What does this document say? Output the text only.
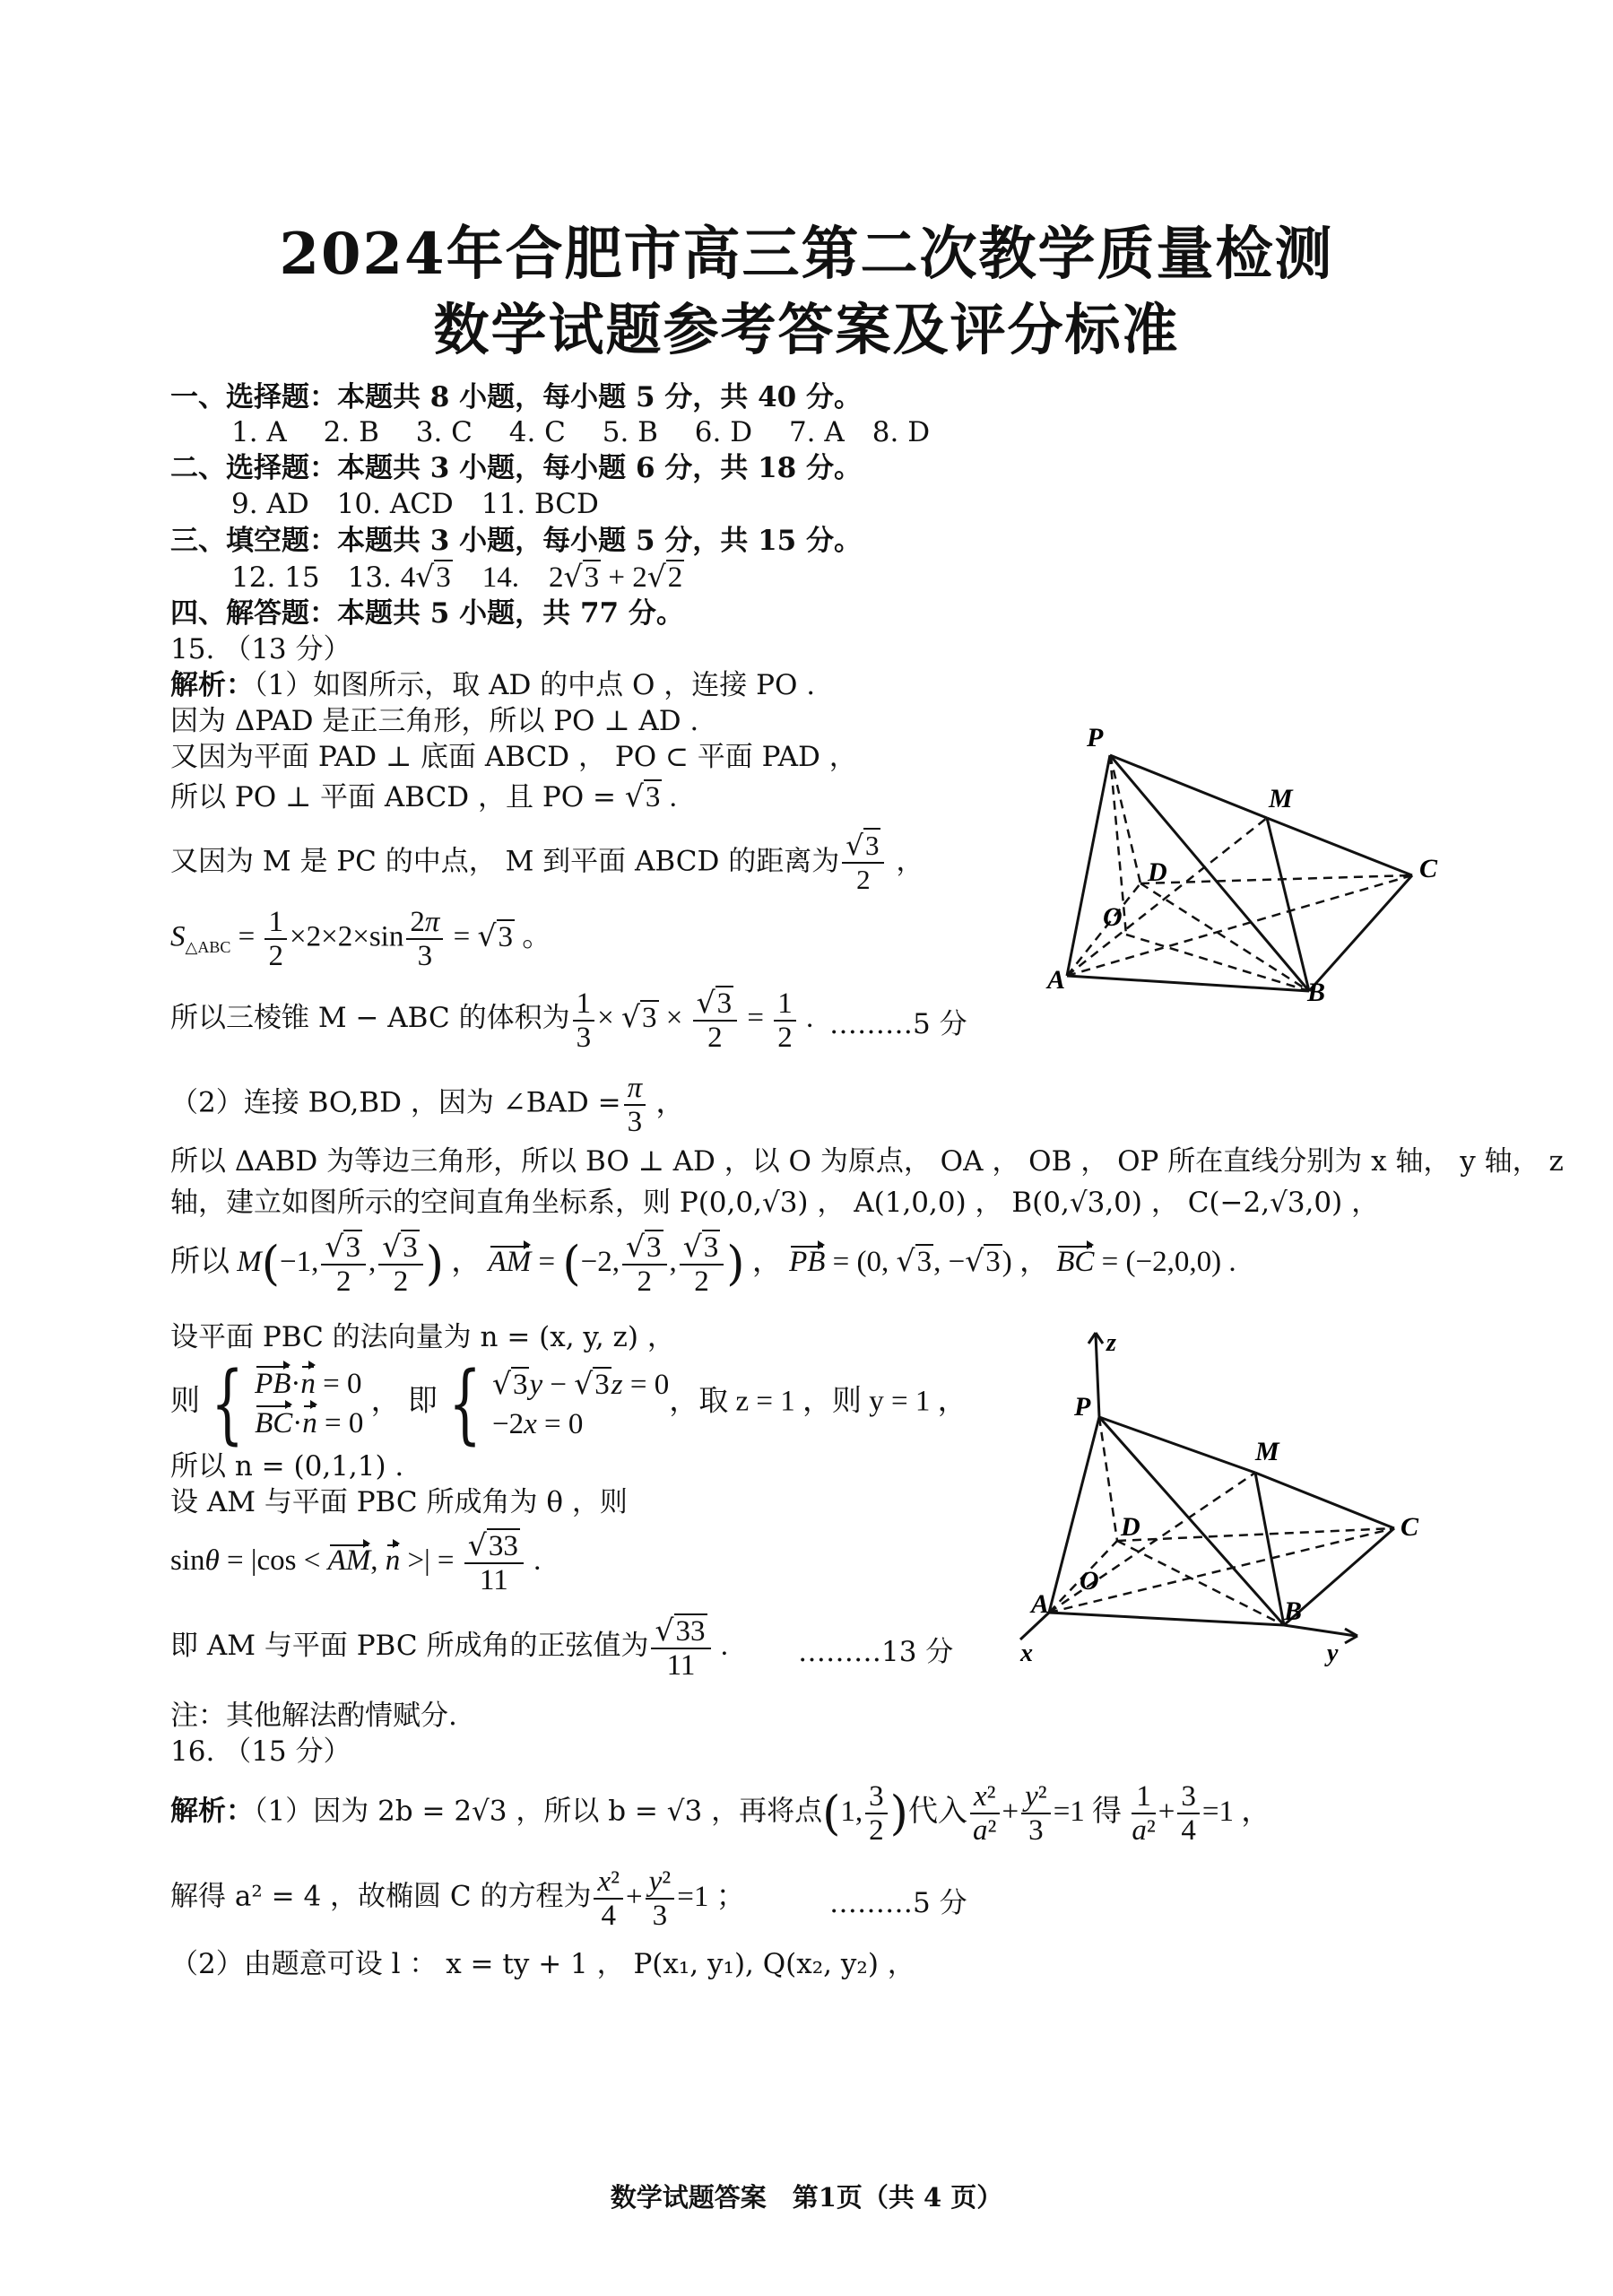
2024年合肥市高三第二次教学质量检测
数学试题参考答案及评分标准
一、选择题：本题共 8 小题，每小题 5 分，共 40 分。
1. A　 2. B　 3. C　 4. C　 5. B　 6. D　 7. A　8. D
二、选择题：本题共 3 小题，每小题 6 分，共 18 分。
9. AD　10. ACD　11. BCD
三、填空题：本题共 3 小题，每小题 5 分，共 15 分。
12. 15　13. 4√3　14.　2√3 + 2√2
四、解答题：本题共 5 小题，共 77 分。
15. （13 分）
解析：（1）如图所示，取 AD 的中点 O ，连接 PO .
因为 ΔPAD 是正三角形，所以 PO ⊥ AD .
又因为平面 PAD ⊥ 底面 ABCD ， PO ⊂ 平面 PAD ，
所以 PO ⊥ 平面 ABCD ，且 PO = √3 .
又因为 M 是 PC 的中点， M 到平面 ABCD 的距离为 $\frac{√3}{2}$ ，
$S_{\triangle ABC} = \frac{1}{2} \times 2\times 2\times\sin \frac{2\pi}{3} = √3$ 。
所以三棱锥 M − ABC 的体积为 $\frac{1}{3} \times √3 \times \frac{√3}{2} = \frac{1}{2}$ . ………5 分
（2）连接 BO,BD ，因为 ∠BAD = $\frac{\pi}{3}$ ，
所以 ΔABD 为等边三角形，所以 BO ⊥ AD ，以 O 为原点， OA ， OB ， OP 所在直线分别为 x 轴， y 轴， z
轴，建立如图所示的空间直角坐标系，则 P(0,0,√3) ， A(1,0,0) ， B(0,√3,0) ， C(−2,√3,0) ，
所以 M(−1, $\frac{√3}{2}$ , $\frac{√3}{2}$ ) ， AM = (−2, $\frac{√3}{2}$ , $\frac{√3}{2}$ ) ， PB = (0, √3, −√3) ， BC = (−2,0,0) .
设平面 PBC 的法向量为 n = (x, y, z) ，
则 { PB·n = 0
BC·n = 0 ， 即 { √3y − √3z = 0
−2x = 0，取 z = 1 ，则 y = 1 ，
所以 n = (0,1,1) .
设 AM 与平面 PBC 所成角为 θ ，则
sinθ = |cos < AM, n >| = $\frac{√33}{11}$ .
即 AM 与平面 PBC 所成角的正弦值为 $\frac{√33}{11}$ .	………13 分
注：其他解法酌情赋分.
16. （15 分）
解析：（1）因为 2b = 2√3 ，所以 b = √3 ，再将点(1, $\frac{3}{2}$ )代入 $\frac{\text{x²}}{\text{a²}} + \frac{\text{y²}}{3} =1$ 得 $\frac{1}{\text{a²}} + \frac{3}{4} =1$ ，
解得 a² = 4 ，故椭圆 C 的方程为 $\frac{\text{x²}}{4} + \frac{\text{y²}}{3} =1$ ；	………5 分
（2）由题意可设 l ： x = ty + 1 ， P(x₁, y₁), Q(x₂, y₂) ，
P
M
D
O
C
A	B
z
P
M
D
O
C
A	B
x	y
数学试题答案　第1页（共 4 页）
